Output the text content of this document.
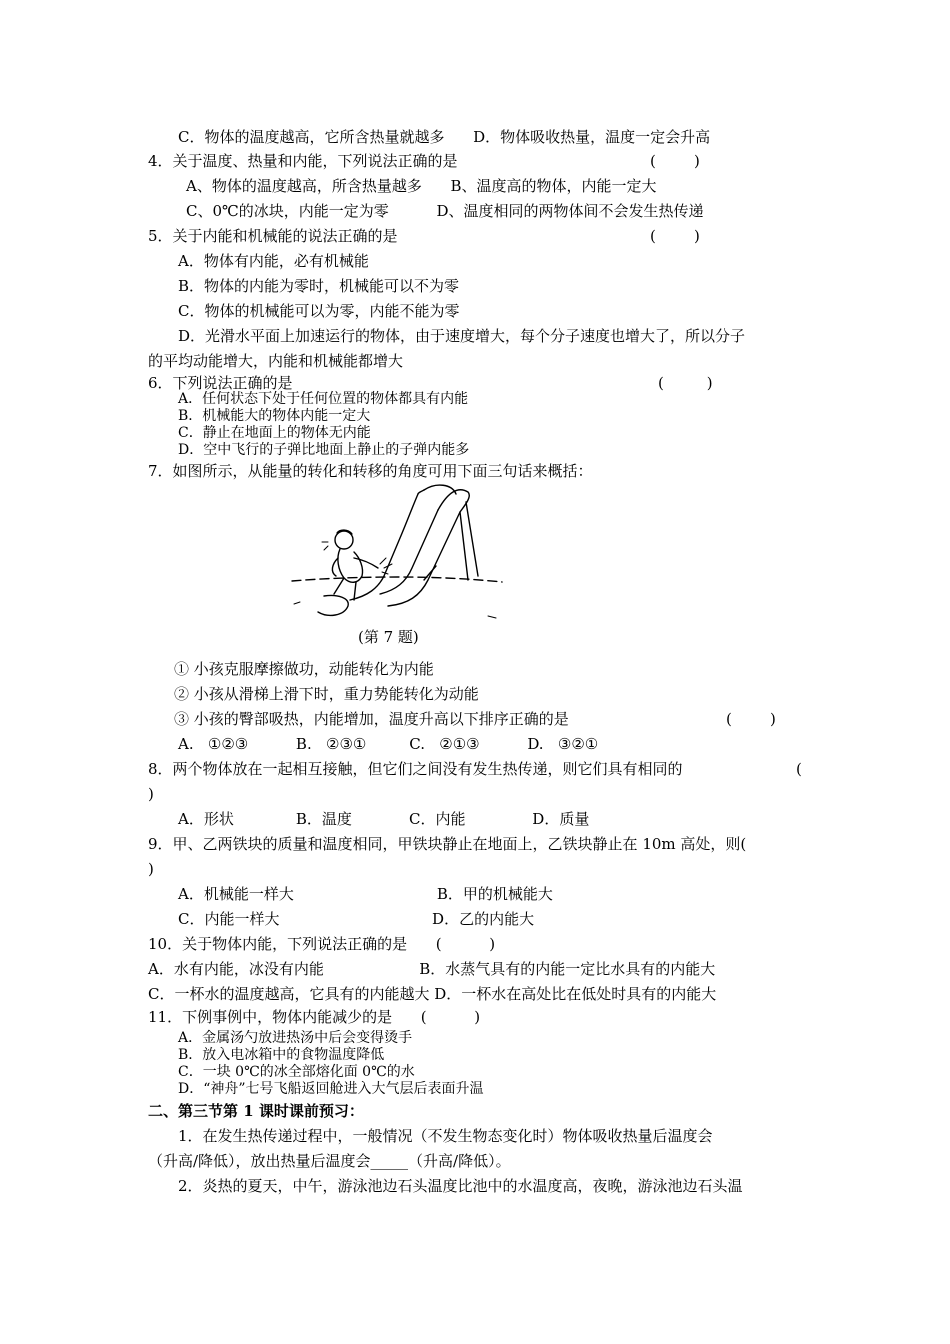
C．物体的温度越高，它所含热量就越多      D．物体吸收热量，温度一定会升高
4．关于温度、热量和内能，下列说法正确的是	(        )
A、物体的温度越高，所含热量越多      B、温度高的物体，内能一定大
C、0℃的冰块，内能一定为零          D、温度相同的两物体间不会发生热传递
5．关于内能和机械能的说法正确的是	(        )
A．物体有内能，必有机械能
B．物体的内能为零时，机械能可以不为零
C．物体的机械能可以为零，内能不能为零
D．光滑水平面上加速运行的物体，由于速度增大，每个分子速度也增大了，所以分子
的平均动能增大，内能和机械能都增大
6．下列说法正确的是	(         )
A．任何状态下处于任何位置的物体都具有内能
B．机械能大的物体内能一定大
C．静止在地面上的物体无内能
D．空中飞行的子弹比地面上静止的子弹内能多
7．如图所示，从能量的转化和转移的角度可用下面三句话来概括：
(第 7 题)
① 小孩克服摩擦做功，动能转化为内能
② 小孩从滑梯上滑下时，重力势能转化为动能
③ 小孩的臀部吸热，内能增加，温度升高以下排序正确的是	(        )
A.   ①②③          B.   ②③①         C.   ②①③          D.   ③②①
8．两个物体放在一起相互接触，但它们之间没有发生热传递，则它们具有相同的	(
)
A．形状             B．温度            C．内能              D．质量
9．甲、乙两铁块的质量和温度相同，甲铁块静止在地面上，乙铁块静止在 10m 高处，则(
)
A．机械能一样大                              B．甲的机械能大
C．内能一样大                                D．乙的内能大
10．关于物体内能，下列说法正确的是      (          )
A．水有内能，冰没有内能                    B．水蒸气具有的内能一定比水具有的内能大
C．一杯水的温度越高，它具有的内能越大 D．一杯水在高处比在低处时具有的内能大
11．下例事例中，物体内能减少的是      (          )
A．金属汤勺放进热汤中后会变得烫手
B．放入电冰箱中的食物温度降低
C．一块 0℃的冰全部熔化面 0℃的水
D．“神舟”七号飞船返回舱进入大气层后表面升温
二、第三节第 1 课时课前预习：
1．在发生热传递过程中，一般情况（不发生物态变化时）物体吸收热量后温度会
（升高/降低），放出热量后温度会_____（升高/降低）。
2．炎热的夏天，中午，游泳池边石头温度比池中的水温度高，夜晚，游泳池边石头温
